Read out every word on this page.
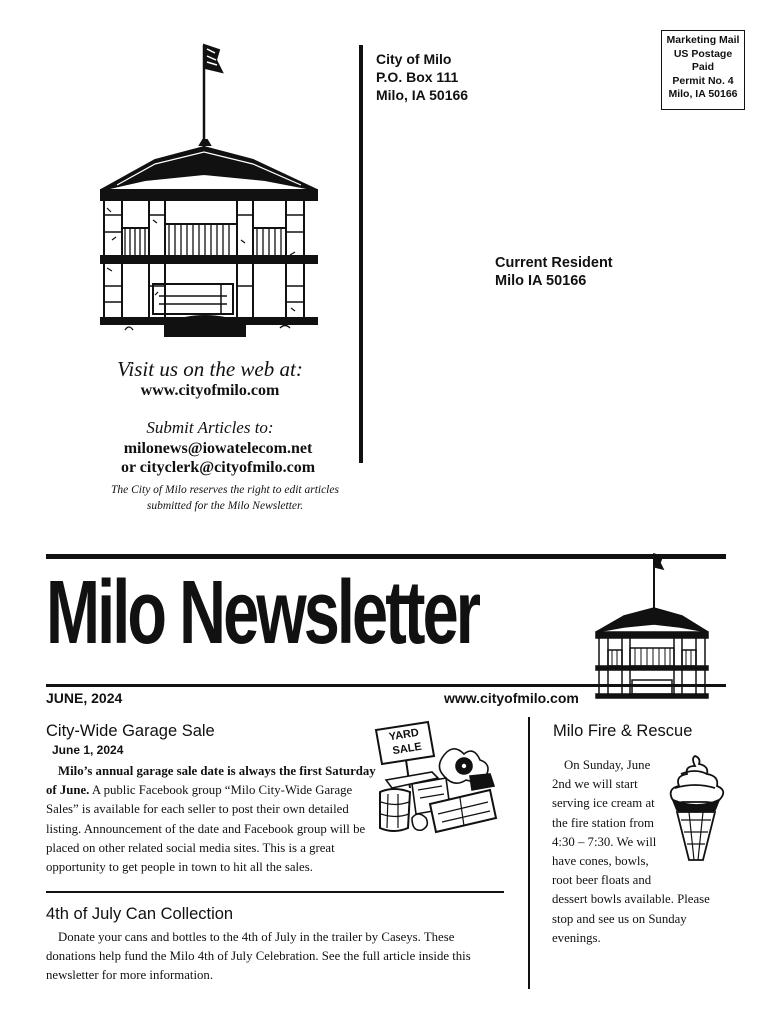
City of Milo
P.O. Box 111
Milo, IA 50166
Marketing Mail
US Postage
Paid
Permit No. 4
Milo, IA 50166
Current Resident
Milo IA 50166
Visit us on the web at:
www.cityofmilo.com
Submit Articles to:
milonews@iowatelecom.net
or cityclerk@cityofmilo.com
The City of Milo reserves the right to edit articles
submitted for the Milo Newsletter.
Milo Newsletter
JUNE, 2024	www.cityofmilo.com
City-Wide Garage Sale
June 1, 2024
YARD
SALE

Milo’s annual garage sale date is always the first Saturday of June. A public Facebook group “Milo City-Wide Garage Sales” is available for each seller to post their own detailed listing. Announcement of the date and Facebook group will be placed on other related social media sites. This is a great opportunity to get people in town to hit all the sales.

4th of July Can Collection

Donate your cans and bottles to the 4th of July in the trailer by Caseys. These donations help fund the Milo 4th of July Celebration. See the full article inside this newsletter for more information.

Milo Fire & Rescue

On Sunday, June 2nd we will start serving ice cream at the fire station from 4:30 – 7:30. We will have cones, bowls, root beer floats and dessert bowls available. Please stop and see us on Sunday evenings.
